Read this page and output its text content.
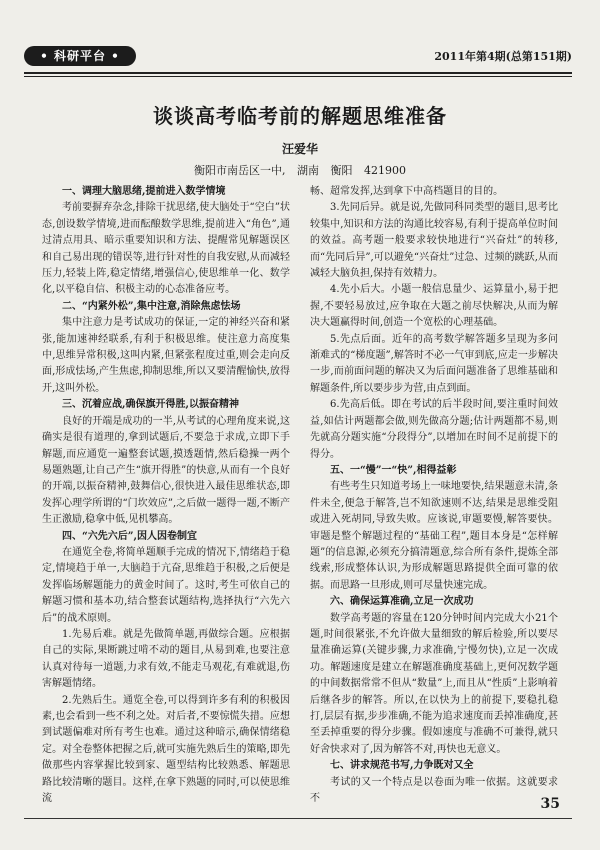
• 科研平台 •	2011年第4期(总第151期)
谈谈高考临考前的解题思维准备
汪爱华
衡阳市南岳区一中, 湖南 衡阳 421900
一、调理大脑思绪,提前进入数学情境

考前要摒弃杂念,排除干扰思绪,使大脑处于“空白”状态,创设数学情境,进而酝酿数学思维,提前进入“角色”,通过清点用具、暗示重要知识和方法、提醒常见解题误区和自己易出现的错误等,进行针对性的自我安慰,从而减轻压力,轻装上阵,稳定情绪,增强信心,使思维单一化、数学化,以平稳自信、积极主动的心态准备应考。

二、“内紧外松”,集中注意,消除焦虑怯场

集中注意力是考试成功的保证,一定的神经兴奋和紧张,能加速神经联系,有利于积极思维。使注意力高度集中,思维异常积极,这叫内紧,但紧张程度过重,则会走向反面,形成怯场,产生焦虑,抑制思维,所以又要清醒愉快,放得开,这叫外松。

三、沉着应战,确保旗开得胜,以振奋精神

良好的开端是成功的一半,从考试的心理角度来说,这确实是很有道理的,拿到试题后,不要急于求成,立即下手解题,而应通览一遍整套试题,摸透题情,然后稳操一两个易题熟题,让自己产生“旗开得胜”的快意,从而有一个良好的开端,以振奋精神,鼓舞信心,很快进入最佳思维状态,即发挥心理学所谓的“门坎效应”,之后做一题得一题,不断产生正激励,稳拿中低,见机攀高。

四、“六先六后”,因人因卷制宜

在通览全卷,将简单题顺手完成的情况下,情绪趋于稳定,情境趋于单一,大脑趋于亢奋,思维趋于积极,之后便是发挥临场解题能力的黄金时间了。这时,考生可依自己的解题习惯和基本功,结合整套试题结构,选择执行“六先六后”的战术原则。

1.先易后难。就是先做简单题,再做综合题。应根据自己的实际,果断跳过啃不动的题目,从易到难,也要注意认真对待每一道题,力求有效,不能走马观花,有难就退,伤害解题情绪。

2.先熟后生。通览全卷,可以得到许多有利的积极因素,也会看到一些不利之处。对后者,不要惊慌失措。应想到试题偏难对所有考生也难。通过这种暗示,确保情绪稳定。对全卷整体把握之后,就可实施先熟后生的策略,即先做那些内容掌握比较到家、题型结构比较熟悉、解题思路比较清晰的题目。这样,在拿下熟题的同时,可以使思维流

畅、超常发挥,达到拿下中高档题目的目的。

3.先同后异。就是说,先做同科同类型的题目,思考比较集中,知识和方法的沟通比较容易,有利于提高单位时间的效益。高考题一般要求较快地进行“兴奋灶”的转移,而“先同后异”,可以避免“兴奋灶”过急、过频的跳跃,从而减轻大脑负担,保持有效精力。

4.先小后大。小题一般信息量少、运算量小,易于把握,不要轻易放过,应争取在大题之前尽快解决,从而为解决大题赢得时间,创造一个宽松的心理基础。

5.先点后面。近年的高考数学解答题多呈现为多问渐难式的“梯度题”,解答时不必一气审到底,应走一步解决一步,而前面问题的解决又为后面问题准备了思维基础和解题条件,所以要步步为营,由点到面。

6.先高后低。即在考试的后半段时间,要注重时间效益,如估计两题都会做,则先做高分题;估计两题都不易,则先就高分题实施“分段得分”,以增加在时间不足前提下的得分。

五、一“慢”一“快”,相得益彰

有些考生只知道考场上一味地要快,结果题意未清,条件未全,便急于解答,岂不知欲速则不达,结果是思维受阻或进入死胡同,导致失败。应该说,审题要慢,解答要快。审题是整个解题过程的“基础工程”,题目本身是“怎样解题”的信息源,必须充分搞清题意,综合所有条件,提炼全部线索,形成整体认识,为形成解题思路提供全面可靠的依据。而思路一旦形成,则可尽量快速完成。

六、确保运算准确,立足一次成功

数学高考题的容量在120分钟时间内完成大小21个题,时间很紧张,不允许做大量细致的解后检验,所以要尽量准确运算(关键步骤,力求准确,宁慢勿快),立足一次成功。解题速度是建立在解题准确度基础上,更何况数学题的中间数据常常不但从“数量”上,而且从“性质”上影响着后继各步的解答。所以,在以快为上的前提下,要稳扎稳打,层层有据,步步准确,不能为追求速度而丢掉准确度,甚至丢掉重要的得分步骤。假如速度与准确不可兼得,就只好舍快求对了,因为解答不对,再快也无意义。

七、讲求规范书写,力争既对又全

考试的又一个特点是以卷面为唯一依据。这就要求不	35
